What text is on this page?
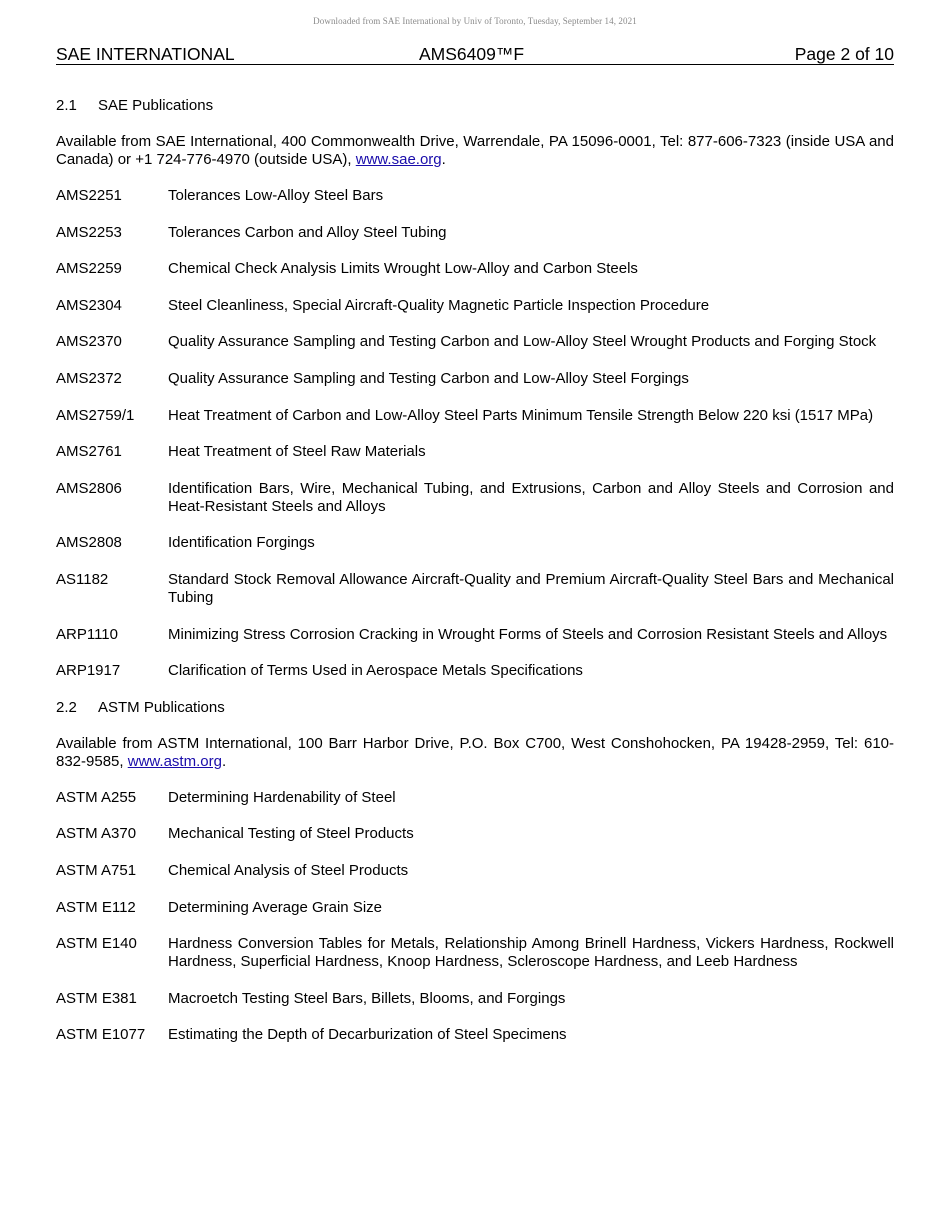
Downloaded from SAE International by Univ of Toronto, Tuesday, September 14, 2021
SAE INTERNATIONAL	AMS6409™F	Page 2 of 10
2.1	SAE Publications
Available from SAE International, 400 Commonwealth Drive, Warrendale, PA 15096-0001, Tel: 877-606-7323 (inside USA and Canada) or +1 724-776-4970 (outside USA), www.sae.org.
AMS2251	Tolerances Low-Alloy Steel Bars
AMS2253	Tolerances Carbon and Alloy Steel Tubing
AMS2259	Chemical Check Analysis Limits Wrought Low-Alloy and Carbon Steels
AMS2304	Steel Cleanliness, Special Aircraft-Quality Magnetic Particle Inspection Procedure
AMS2370	Quality Assurance Sampling and Testing Carbon and Low-Alloy Steel Wrought Products and Forging Stock
AMS2372	Quality Assurance Sampling and Testing Carbon and Low-Alloy Steel Forgings
AMS2759/1	Heat Treatment of Carbon and Low-Alloy Steel Parts Minimum Tensile Strength Below 220 ksi (1517 MPa)
AMS2761	Heat Treatment of Steel Raw Materials
AMS2806	Identification Bars, Wire, Mechanical Tubing, and Extrusions, Carbon and Alloy Steels and Corrosion and Heat-Resistant Steels and Alloys
AMS2808	Identification Forgings
AS1182	Standard Stock Removal Allowance Aircraft-Quality and Premium Aircraft-Quality Steel Bars and Mechanical Tubing
ARP1110	Minimizing Stress Corrosion Cracking in Wrought Forms of Steels and Corrosion Resistant Steels and Alloys
ARP1917	Clarification of Terms Used in Aerospace Metals Specifications
2.2	ASTM Publications
Available from ASTM International, 100 Barr Harbor Drive, P.O. Box C700, West Conshohocken, PA 19428-2959, Tel: 610-832-9585, www.astm.org.
ASTM A255	Determining Hardenability of Steel
ASTM A370	Mechanical Testing of Steel Products
ASTM A751	Chemical Analysis of Steel Products
ASTM E112	Determining Average Grain Size
ASTM E140	Hardness Conversion Tables for Metals, Relationship Among Brinell Hardness, Vickers Hardness, Rockwell Hardness, Superficial Hardness, Knoop Hardness, Scleroscope Hardness, and Leeb Hardness
ASTM E381	Macroetch Testing Steel Bars, Billets, Blooms, and Forgings
ASTM E1077	Estimating the Depth of Decarburization of Steel Specimens
